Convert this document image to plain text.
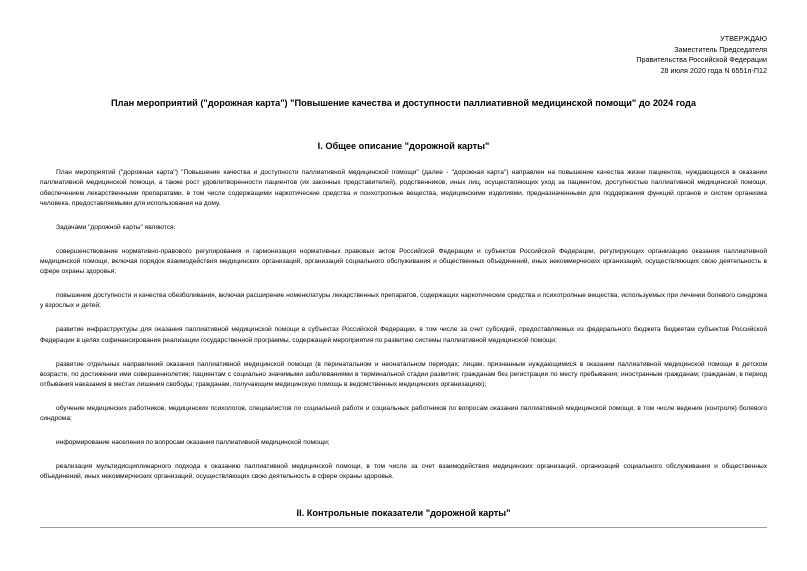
УТВЕРЖДАЮ
Заместитель Председателя
Правительства Российской Федерации
28 июля 2020 года N 6551п-П12
План мероприятий ("дорожная карта") "Повышение качества и доступности паллиативной медицинской помощи" до 2024 года
I. Общее описание "дорожной карты"

План мероприятий ("дорожная карта") "Повышение качества и доступности паллиативной медицинской помощи" (далее - "дорожная карта") направлен на повышение качества жизни пациентов, нуждающихся в оказании паллиативной медицинской помощи, а также рост удовлетворенности пациентов (их законных представителей), родственников, иных лиц, осуществляющих уход за пациентом, доступностью паллиативной медицинской помощи, обеспечением лекарственными препаратами, в том числе содержащими наркотические средства и психотропные вещества, медицинскими изделиями, предназначенными для поддержания функций органов и систем организма человека, предоставляемыми для использования на дому.

Задачами "дорожной карты" являются:

совершенствование нормативно-правового регулирования и гармонизация нормативных правовых актов Российской Федерации и субъектов Российской Федерации, регулирующих организацию оказания паллиативной медицинской помощи, включая порядок взаимодействия медицинских организаций, организаций социального обслуживания и общественных объединений, иных некоммерческих организаций, осуществляющих свою деятельность в сфере охраны здоровья;

повышение доступности и качества обезболивания, включая расширение номенклатуры лекарственных препаратов, содержащих наркотические средства и психотропные вещества, используемых при лечении болевого синдрома у взрослых и детей;

развитие инфраструктуры для оказания паллиативной медицинской помощи в субъектах Российской Федерации, в том числе за счет субсидий, предоставляемых из федерального бюджета бюджетам субъектов Российской Федерации в целях софинансирования реализации государственной программы, содержащей мероприятия по развитию системы паллиативной медицинской помощи;

развитие отдельных направлений оказания паллиативной медицинской помощи (в перинатальном и неонатальном периодах; лицам, признанным нуждающимися в оказании паллиативной медицинской помощи в детском возрасте, по достижении ими совершеннолетия; пациентам с социально значимыми заболеваниями в терминальной стадии развития; гражданам без регистрации по месту пребывания; иностранным гражданам; гражданам, в период отбывания наказания в местах лишения свободы; гражданам, получающим медицинскую помощь в ведомственных медицинских организациях);

обучение медицинских работников, медицинских психологов, специалистов по социальной работе и социальных работников по вопросам оказания паллиативной медицинской помощи, в том числе ведения (контроля) болевого синдрома;

информирование населения по вопросам оказания паллиативной медицинской помощи;

реализация мультидисциплинарного подхода к оказанию паллиативной медицинской помощи, в том числе за счет взаимодействия медицинских организаций, организаций социального обслуживания и общественных объединений, иных некоммерческих организаций, осуществляющих свою деятельность в сфере охраны здоровья.

II. Контрольные показатели "дорожной карты"
